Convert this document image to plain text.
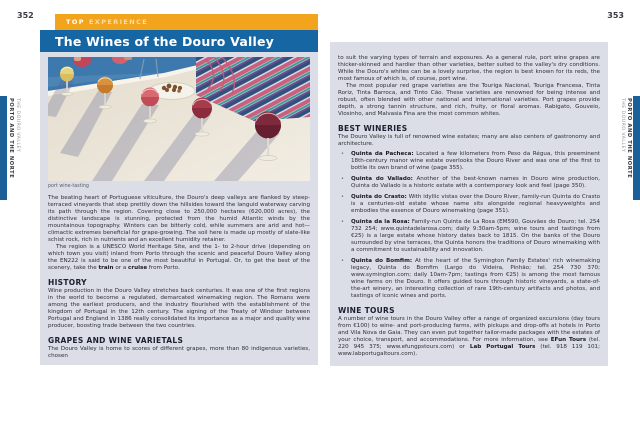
352	353
TOP EXPERIENCE
The Wines of the Douro Valley
port wine-tasting

The beating heart of Portuguese viticulture, the Douro's deep valleys are flanked by steep-terraced vineyards that step prettily down the hillsides toward the languid waterway carving its path through the region. Covering close to 250,000 hectares (620,000 acres), the distinctive landscape is stunning, protected from the humid Atlantic winds by the mountainous topography. Winters can be bitterly cold, while summers are arid and hot—climactic extremes beneficial for grape-growing. The soil here is made up mostly of slate-like schist rock, rich in nutrients and an excellent humidity retainer.

The region is a UNESCO World Heritage Site, and the 1- to 2-hour drive (depending on which town you visit) inland from Porto through the scenic and peaceful Douro Valley along the EN222 is said to be one of the most beautiful in Portugal. Or, to get the best of the scenery, take the train or a cruise from Porto.

HISTORY

Wine production in the Douro Valley stretches back centuries. It was one of the first regions in the world to become a regulated, demarcated winemaking region. The Romans were among the earliest producers, and the industry flourished with the establishment of the kingdom of Portugal in the 12th century. The signing of the Treaty of Windsor between Portugal and England in 1386 really consolidated its importance as a major and quality wine producer, boosting trade between the two countries.

GRAPES AND WINE VARIETALS

The Douro Valley is home to scores of different grapes, more than 80 indigenous varieties, chosen

to suit the varying types of terrain and exposures. As a general rule, port wine grapes are thicker-skinned and hardier than other varieties, better suited to the valley's dry conditions. While the Douro's whites can be a lovely surprise, the region is best known for its reds, the most famous of which is, of course, port wine.

The most popular red grape varieties are the Touriga Nacional, Touriga Francesa, Tinta Roriz, Tinta Barroca, and Tinto Cão. These varieties are renowned for being intense and robust, often blended with other national and international varieties. Port grapes provide depth, a strong tannin structure, and rich, fruity, or floral aromas. Rabigato, Gouveio, Viosinho, and Malvasia Fina are the most common whites.

BEST WINERIES

The Douro Valley is full of renowned wine estates; many are also centers of gastronomy and architecture.

• Quinta da Pacheca: Located a few kilometers from Peso da Régua, this preeminent 18th-century manor wine estate overlooks the Douro River and was one of the first to bottle its own brand of wine (page 355).
• Quinta do Vallado: Another of the best-known names in Douro wine production, Quinta do Vallado is a historic estate with a contemporary look and feel (page 350).
• Quinta do Crasto: With idyllic vistas over the Douro River, family-run Quinta do Crasto is a centuries-old estate whose name sits alongside regional heavyweights and embodies the essence of Douro winemaking (page 351).
• Quinta da la Rosa: Family-run Quinta de La Rosa (EM590, Gouvães do Douro; tel. 254 732 254; www.quintadelarosa.com; daily 9:30am-5pm; wine tours and tastings from €25) is a large estate whose history dates back to 1815. On the banks of the Douro surrounded by vine terraces, the Quinta honors the traditions of Douro winemaking with a commitment to sustainability and innovation.
• Quinta do Bomfim: At the heart of the Symington Family Estates' rich winemaking legacy, Quinta do Bomfim (Largo do Videira, Pinhão; tel. 254 730 370; www.symington.com; daily 10am-7pm; tastings from €25) is among the most famous wine farms on the Douro. It offers guided tours through historic vineyards, a state-of-the-art winery, an interesting collection of rare 19th-century artifacts and photos, and tastings of iconic wines and ports.
WINE TOURS

A number of wine tours in the Douro Valley offer a range of organized excursions (day tours from €100) to wine- and port-producing farms, with pickups and drop-offs at hotels in Porto and Vila Nova de Gaia. They can even put together tailor-made packages with the estates of your choice, transport, and accommodations. For more information, see EFun Tours (tel. 220 945 375; www.efungpstours.com) or Lab Portugal Tours (tel. 918 119 101; www.labportugaltours.com).

PORTO AND THE NORTE THE DOURO VALLEY	PORTO AND THE NORTE
THE DOURO VALLEY
